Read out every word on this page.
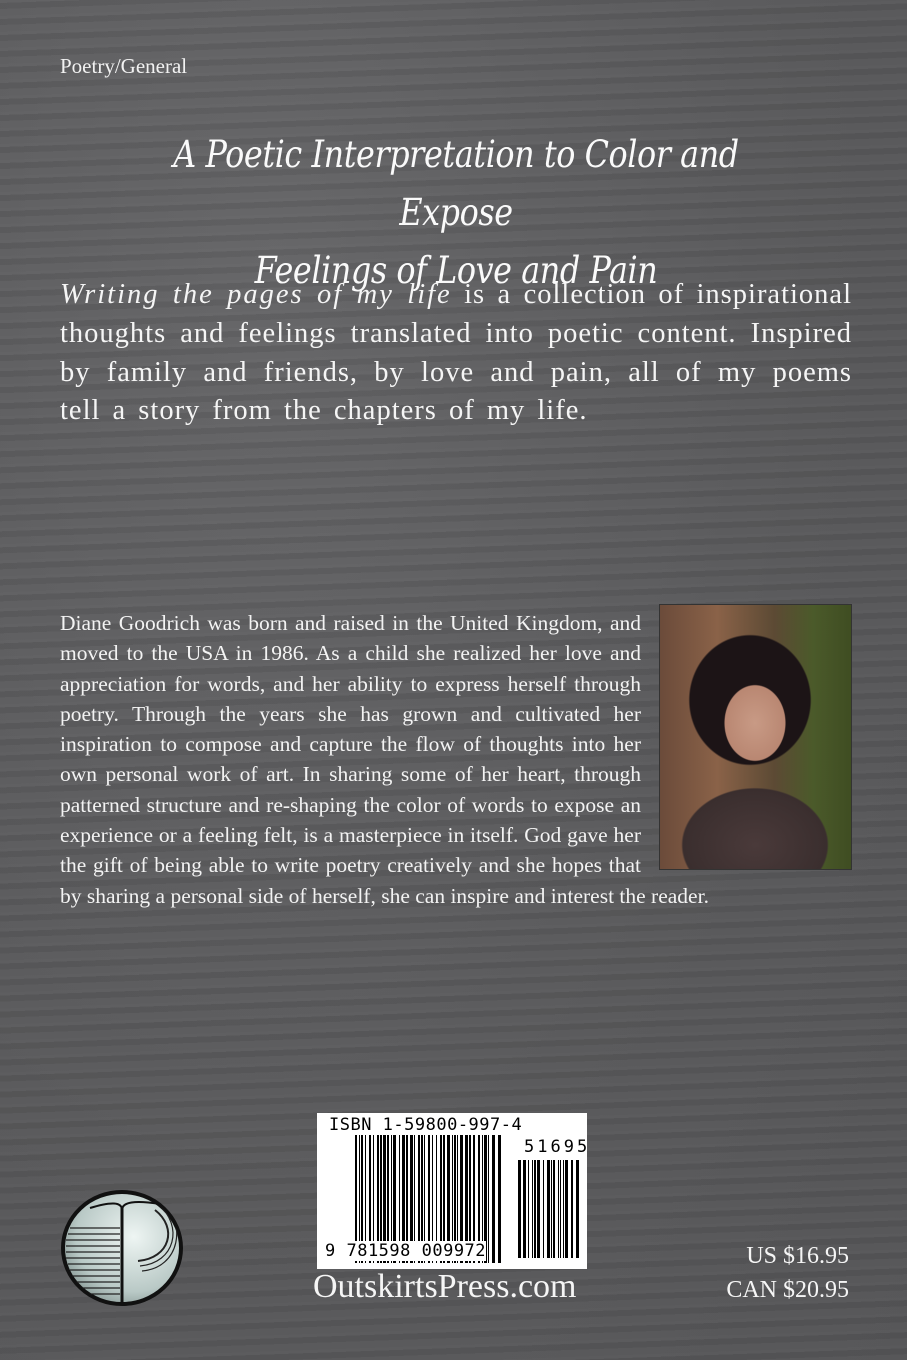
Poetry/General
A Poetic Interpretation to Color and Expose
Feelings of Love and Pain
Writing the pages of my life is a collection of inspirational thoughts and feelings translated into poetic content. Inspired by family and friends, by love and pain, all of my poems tell a story from the chapters of my life.
Diane Goodrich was born and raised in the United Kingdom, and moved to the USA in 1986. As a child she realized her love and appreciation for words, and her ability to express herself through poetry. Through the years she has grown and cultivated her inspiration to compose and capture the flow of thoughts into her own personal work of art. In sharing some of her heart, through patterned structure and re-shaping the color of words to expose an experience or a feeling felt, is a masterpiece in itself. God gave her the gift of being able to write poetry creatively and she hopes that by sharing a personal side of herself, she can inspire and interest the reader.
ISBN 1-59800-997-4
51695
9 781598 009972
OutskirtsPress.com
US $16.95
CAN $20.95
